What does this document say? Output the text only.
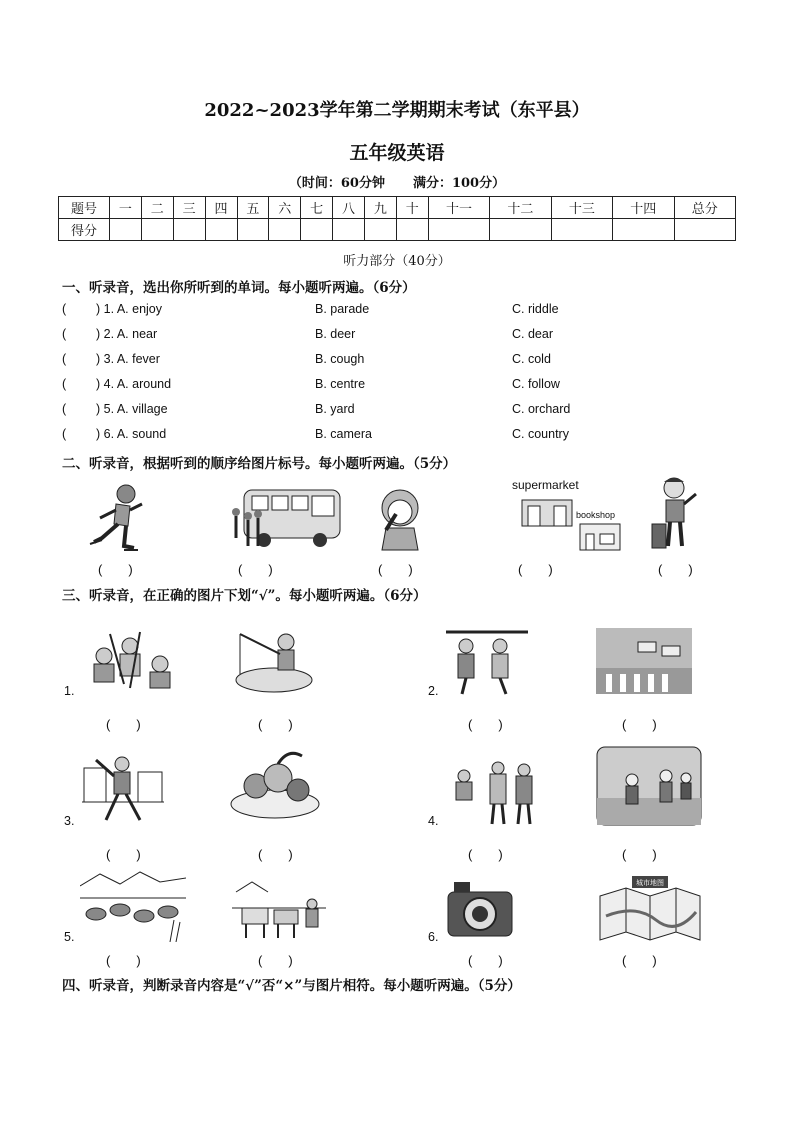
2022~2023学年第二学期期末考试（东平县）
五年级英语
（时间：60分钟 满分：100分）
题号	一	二	三	四	五	六	七	八	九	十	十一	十二	十三	十四	总分
得分															
听力部分（40分）
一、听录音，选出你所听到的单词。每小题听两遍。（6分）
( ) 1. A. enjoy	B. parade	C. riddle
( ) 2. A. near	B. deer	C. dear
( ) 3. A. fever	B. cough	C. cold
( ) 4. A. around	B. centre	C. follow
( ) 5. A. village	B. yard	C. orchard
( ) 6. A. sound	B. camera	C. country
二、听录音，根据听到的顺序给图片标号。每小题听两遍。（5分）
supermarket
bookshop
(　　)	(　　)	(　　)	(　　)	(　　)
三、听录音，在正确的图片下划“√”。每小题听两遍。（6分）
1.	2.
(　　)	(　　)	(　　)	(　　)
3.	4.
(　　)	(　　)	(　　)	(　　)
5.	6.
城市地图
(　　)	(　　)	(　　)	(　　)
四、听录音，判断录音内容是“√”否“×”与图片相符。每小题听两遍。（5分）
